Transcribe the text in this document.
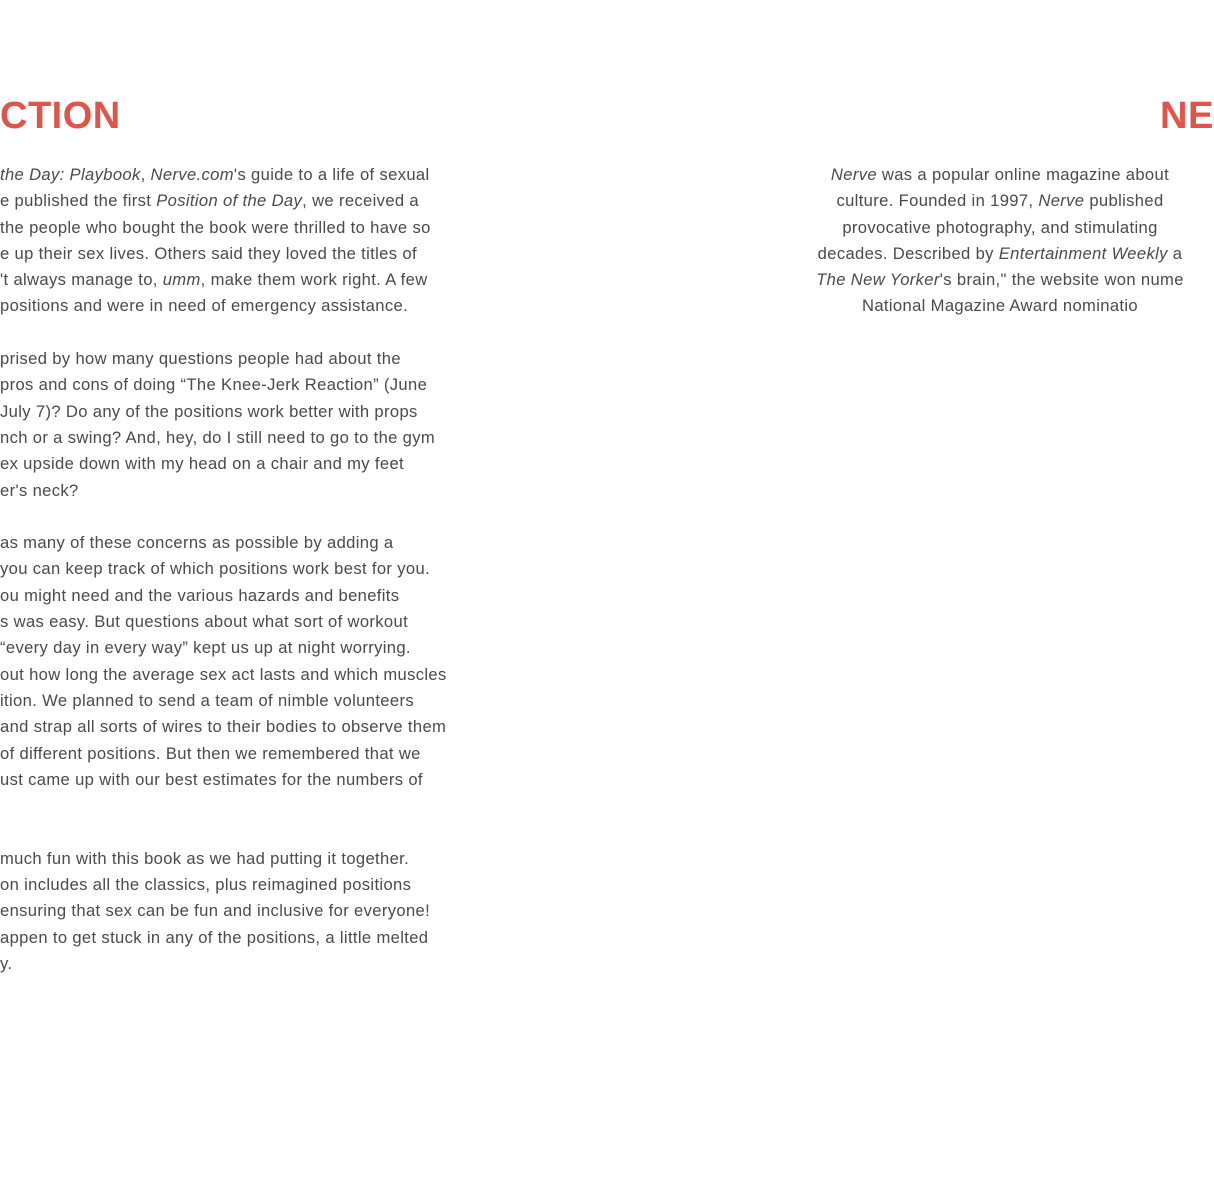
CTION
the Day: Playbook, Nerve.com's guide to a life of sexual
e published the first Position of the Day, we received a
the people who bought the book were thrilled to have so
e up their sex lives. Others said they loved the titles of
't always manage to, umm, make them work right. A few
positions and were in need of emergency assistance.
prised by how many questions people had about the
pros and cons of doing “The Knee-Jerk Reaction” (June
July 7)? Do any of the positions work better with props
nch or a swing? And, hey, do I still need to go to the gym
ex upside down with my head on a chair and my feet
er's neck?
as many of these concerns as possible by adding a
you can keep track of which positions work best for you.
ou might need and the various hazards and benefits
s was easy. But questions about what sort of workout
“every day in every way” kept us up at night worrying.
out how long the average sex act lasts and which muscles
ition. We planned to send a team of nimble volunteers
and strap all sorts of wires to their bodies to observe them
of different positions. But then we remembered that we
ust came up with our best estimates for the numbers of
much fun with this book as we had putting it together.
on includes all the classics, plus reimagined positions
ensuring that sex can be fun and inclusive for everyone!
appen to get stuck in any of the positions, a little melted
y.
NE
Nerve was a popular online magazine about
culture. Founded in 1997, Nerve published
provocative photography, and stimulating
decades. Described by Entertainment Weekly a
The New Yorker's brain," the website won nume
National Magazine Award nominatio
